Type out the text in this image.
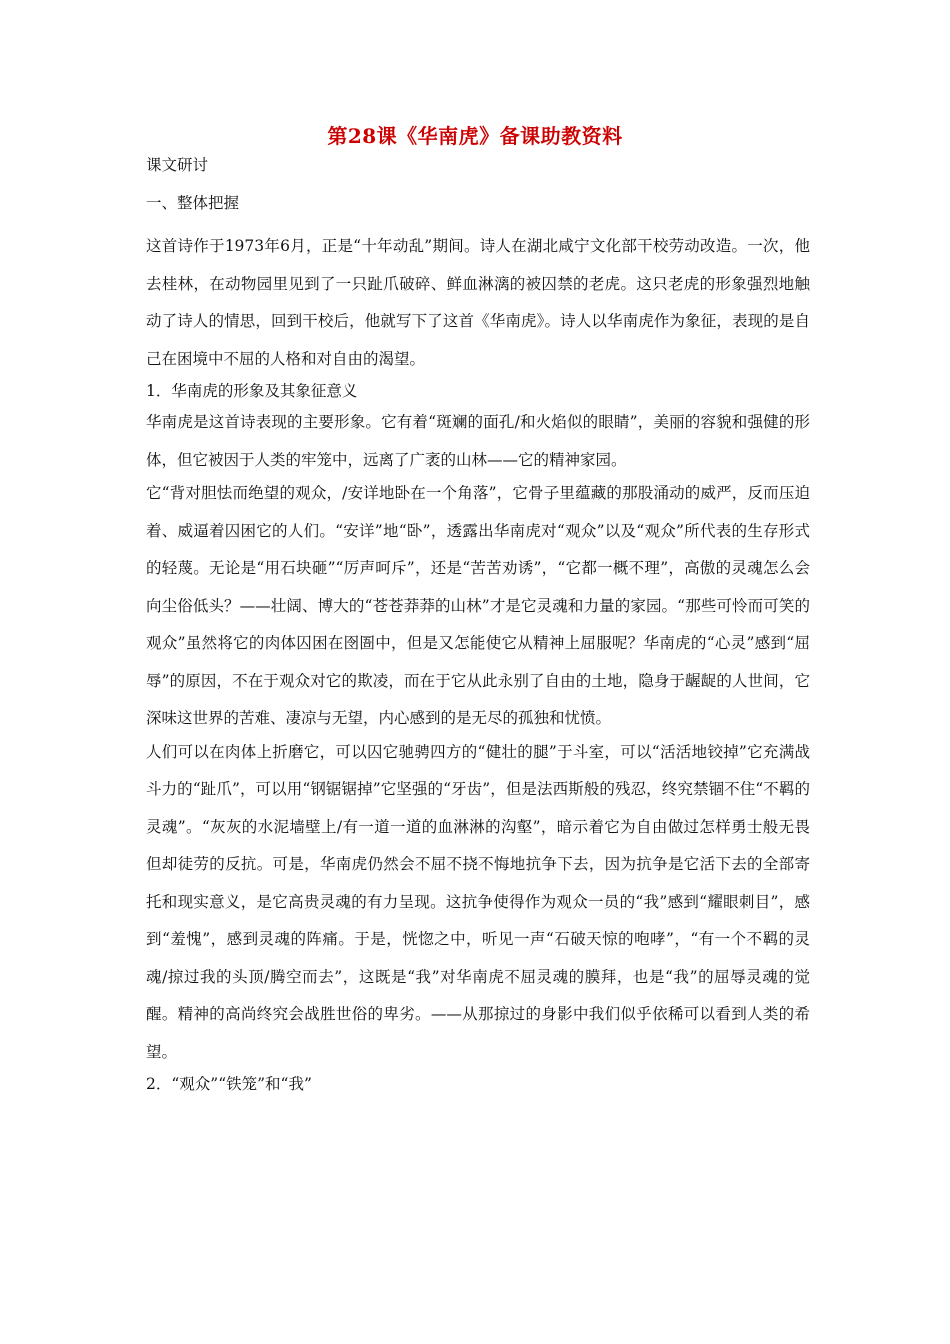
第28课《华南虎》备课助教资料

课文研讨

一、整体把握

这首诗作于1973年6月，正是“十年动乱”期间。诗人在湖北咸宁文化部干校劳动改造。一次，他去桂林，在动物园里见到了一只趾爪破碎、鲜血淋漓的被囚禁的老虎。这只老虎的形象强烈地触动了诗人的情思，回到干校后，他就写下了这首《华南虎》。诗人以华南虎作为象征，表现的是自己在困境中不屈的人格和对自由的渴望。

1．华南虎的形象及其象征意义

华南虎是这首诗表现的主要形象。它有着“斑斓的面孔/和火焰似的眼睛”，美丽的容貌和强健的形体，但它被因于人类的牢笼中，远离了广袤的山林——它的精神家园。

它“背对胆怯而绝望的观众，/安详地卧在一个角落”，它骨子里蕴藏的那股涌动的威严，反而压迫着、威逼着囚困它的人们。“安详”地“卧”，透露出华南虎对“观众”以及“观众”所代表的生存形式的轻蔑。无论是“用石块砸”“厉声呵斥”，还是“苦苦劝诱”，“它都一概不理”，高傲的灵魂怎么会向尘俗低头？——壮阔、博大的“苍苍莽莽的山林”才是它灵魂和力量的家园。“那些可怜而可笑的观众”虽然将它的肉体囚困在囹圄中，但是又怎能使它从精神上屈服呢？华南虎的“心灵”感到“屈辱”的原因，不在于观众对它的欺凌，而在于它从此永别了自由的土地，隐身于龌龊的人世间，它深味这世界的苦难、凄凉与无望，内心感到的是无尽的孤独和忧愤。

人们可以在肉体上折磨它，可以囚它驰骋四方的“健壮的腿”于斗室，可以“活活地铰掉”它充满战斗力的“趾爪”，可以用“钢锯锯掉”它坚强的“牙齿”，但是法西斯般的残忍，终究禁锢不住“不羁的灵魂”。“灰灰的水泥墙壁上/有一道一道的血淋淋的沟壑”，暗示着它为自由做过怎样勇士般无畏但却徒劳的反抗。可是，华南虎仍然会不屈不挠不悔地抗争下去，因为抗争是它活下去的全部寄托和现实意义，是它高贵灵魂的有力呈现。这抗争使得作为观众一员的“我”感到“耀眼刺目”，感到“羞愧”，感到灵魂的阵痛。于是，恍惚之中，听见一声“石破天惊的咆哮”，“有一个不羁的灵魂/掠过我的头顶/腾空而去”，这既是“我”对华南虎不屈灵魂的膜拜，也是“我”的屈辱灵魂的觉醒。精神的高尚终究会战胜世俗的卑劣。——从那掠过的身影中我们似乎依稀可以看到人类的希望。

2．“观众”“铁笼”和“我”
